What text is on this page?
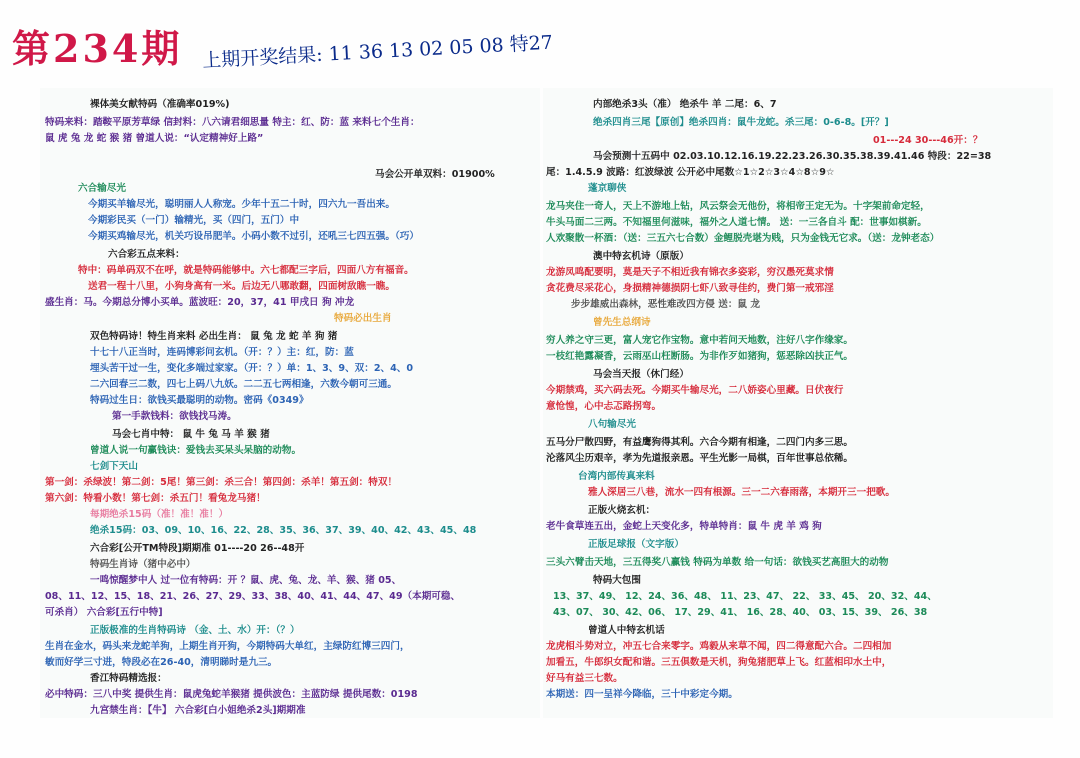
第234期 上期开奖结果: 11 36 13 02 05 08 特27
裸体美女献特码（准确率019%)
特码来料：踏鞍平原芳草绿 信封料：八六请君细思量 特主：红、防：蓝 来料七个生肖：
鼠 虎 兔 龙 蛇 猴 猪 曾道人说：“认定精神好上路”
马会公开单双料：01900%
六合输尽光
今期买羊输尽光，聪明丽人人称宠。少年十五二十时，四六九一吾出来。
今期彩民买（一门）输精光，买（四门，五门）中
今期买鸡输尽光，机关巧设吊肥羊。小码小数不过引，还吼三七四五强。（巧）
六合彩五点来料：
特中：码单码双不在呼，就是特码能够中。六七都配三字后，四面八方有福音。
送君一程十八里，小狗身高有一米。后边无八哪敢翻，四面树敌瞧一瞧。
盛生肖：马。今期总分博小买单。蓝波旺：20，37，41 甲戌日 狗 冲龙
特码必出生肖
双色特码诗！特生肖来料 必出生肖： 鼠 兔 龙 蛇 羊 狗 猪
十七十八正当时，连码博彩问玄机。（开：？）主：红，防：蓝
埋头苦干过一生，变化多端过家家。（开：？）单：1、3、9、双：2、4、0
二六回春三二数，四七上码八九妖。二二五七两相逢，六数今朝可三通。
特码过生日：欲钱买最聪明的动物。密码《0349》
第一手款钱料：欲钱找马涛。
马会七肖中特： 鼠 牛 兔 马 羊 猴 猪
曾道人说一句赢钱诀：爱钱去买呆头呆脑的动物。
七剑下天山
第一剑：杀绿波！第二剑：5尾！第三剑：杀三合！第四剑：杀羊！第五剑：特双！
第六剑：特看小数！第七剑：杀五门！看兔龙马猪！
每期绝杀15码（准！准！准！）
绝杀15码：03、09、10、16、22、28、35、36、37、39、40、42、43、45、48
六合彩[公开TM特段]期期准 01----20 26--48开
特码生肖诗（猪中必中）
一鸣惊醒梦中人 过一位有特码：开 ？鼠、虎、兔、龙、羊、猴、猪 05、
08、11、12、15、18、21、26、27、29、33、38、40、41、44、47、49（本期可稳、
可杀肖） 六合彩[五行中特]
正版极准的生肖特码诗 （金、土、水）开：（？）
生肖在金水，码头来龙蛇羊狗，上期生肖开狗，今期特码大单红，主绿防红博三四门，
敏而好学三寸进，特段必在26-40，清明睇时是九三。
香江特码精选报：
必中特码：三八中奖 提供生肖：鼠虎兔蛇羊猴猪 提供波色：主蓝防绿 提供尾数：0198
九宫禁生肖：【牛】 六合彩[白小姐绝杀2头]期期准
内部绝杀3头（准） 绝杀牛 羊 二尾：6、7
绝杀四肖三尾【原创】绝杀四肖：鼠牛龙蛇。杀三尾：0-6-8。[开？]
01---24 30---46开：？
马会预测十五码中 02.03.10.12.16.19.22.23.26.30.35.38.39.41.46 特段：22=38
尾：1.4.5.9 波路：红波绿波 公开必中尾数☆1☆2☆3☆4☆8☆9☆
蓬京聊侠
龙马夹住一奇人，天上不游地上钻，风云祭会无他份，将相帝王定无为。十字架前命定轻，
牛头马面二三两。不知福里何滋味，福外之人道七情。 送：一三各自斗 配：世事如棋新。
人欢聚散一杯酒：（送：三五六七合数）金鲤脱壳堪为贱，只为金钱无它求。（送：龙钟老态）
澳中特玄机诗（原版）
龙游凤鸣配要明，莫是天子不相近我有锦衣多姿彩，穷汉愚死莫求情
贪花费尽采花心，身损精神德损阴七虾八致寻佳约，费门第一戒邪淫
步步雄威出森林，恶性难改四方侵 送：鼠 龙
曾先生总纲诗
穷人养之守三更，富人宠它作宝物。意中若问天地数，注好八字作缘家。
一枝红艳露凝香，云雨巫山枉断肠。为非作歹如猪狗，惩恶除凶扶正气。
马会当天报（休门经）
今期禁鸡，买六码去死。今期买牛输尽光，二八娇姿心里藏。日伏夜行
意怆惶，心中忐忑路拐弯。
八句输尽光
五马分尸散四野，有益鹰狗得其利。六合今期有相逢，二四门内多三思。
沦落风尘历艰辛，孝为先道报亲恩。平生光影一局棋，百年世事总依稀。
台湾内部传真来料
雅人深居三八巷，流水一四有根源。三一二六春雨落，本期开三一把歌。
正版火烧玄机：
老牛食草连五出，金蛇上天变化多，特单特肖：鼠 牛 虎 羊 鸡 狗
正版足球报（文字版）
三头六臂击天地，三五得奖八赢钱 特码为单数 给一句话：欲钱买艺高胆大的动物
特码大包围
13、37、49、 12、24、36、48、 11、23、47、 22、 33、45、 20、32、44、
43、07、 30、42、06、 17、29、41、 16、28、40、 03、15、39、 26、38
曾道人中特玄机话
龙虎相斗势对立，冲五七合来零字。鸡毅从来草不闻，四二得意配六合。二四相加
加看五，牛郎织女配和谐。三五倶数是天机，狗兔猪肥草上飞。红蓝相印水土中，
好马有益三七数。
本期送：四一呈祥今降临，三十中彩定今期。
